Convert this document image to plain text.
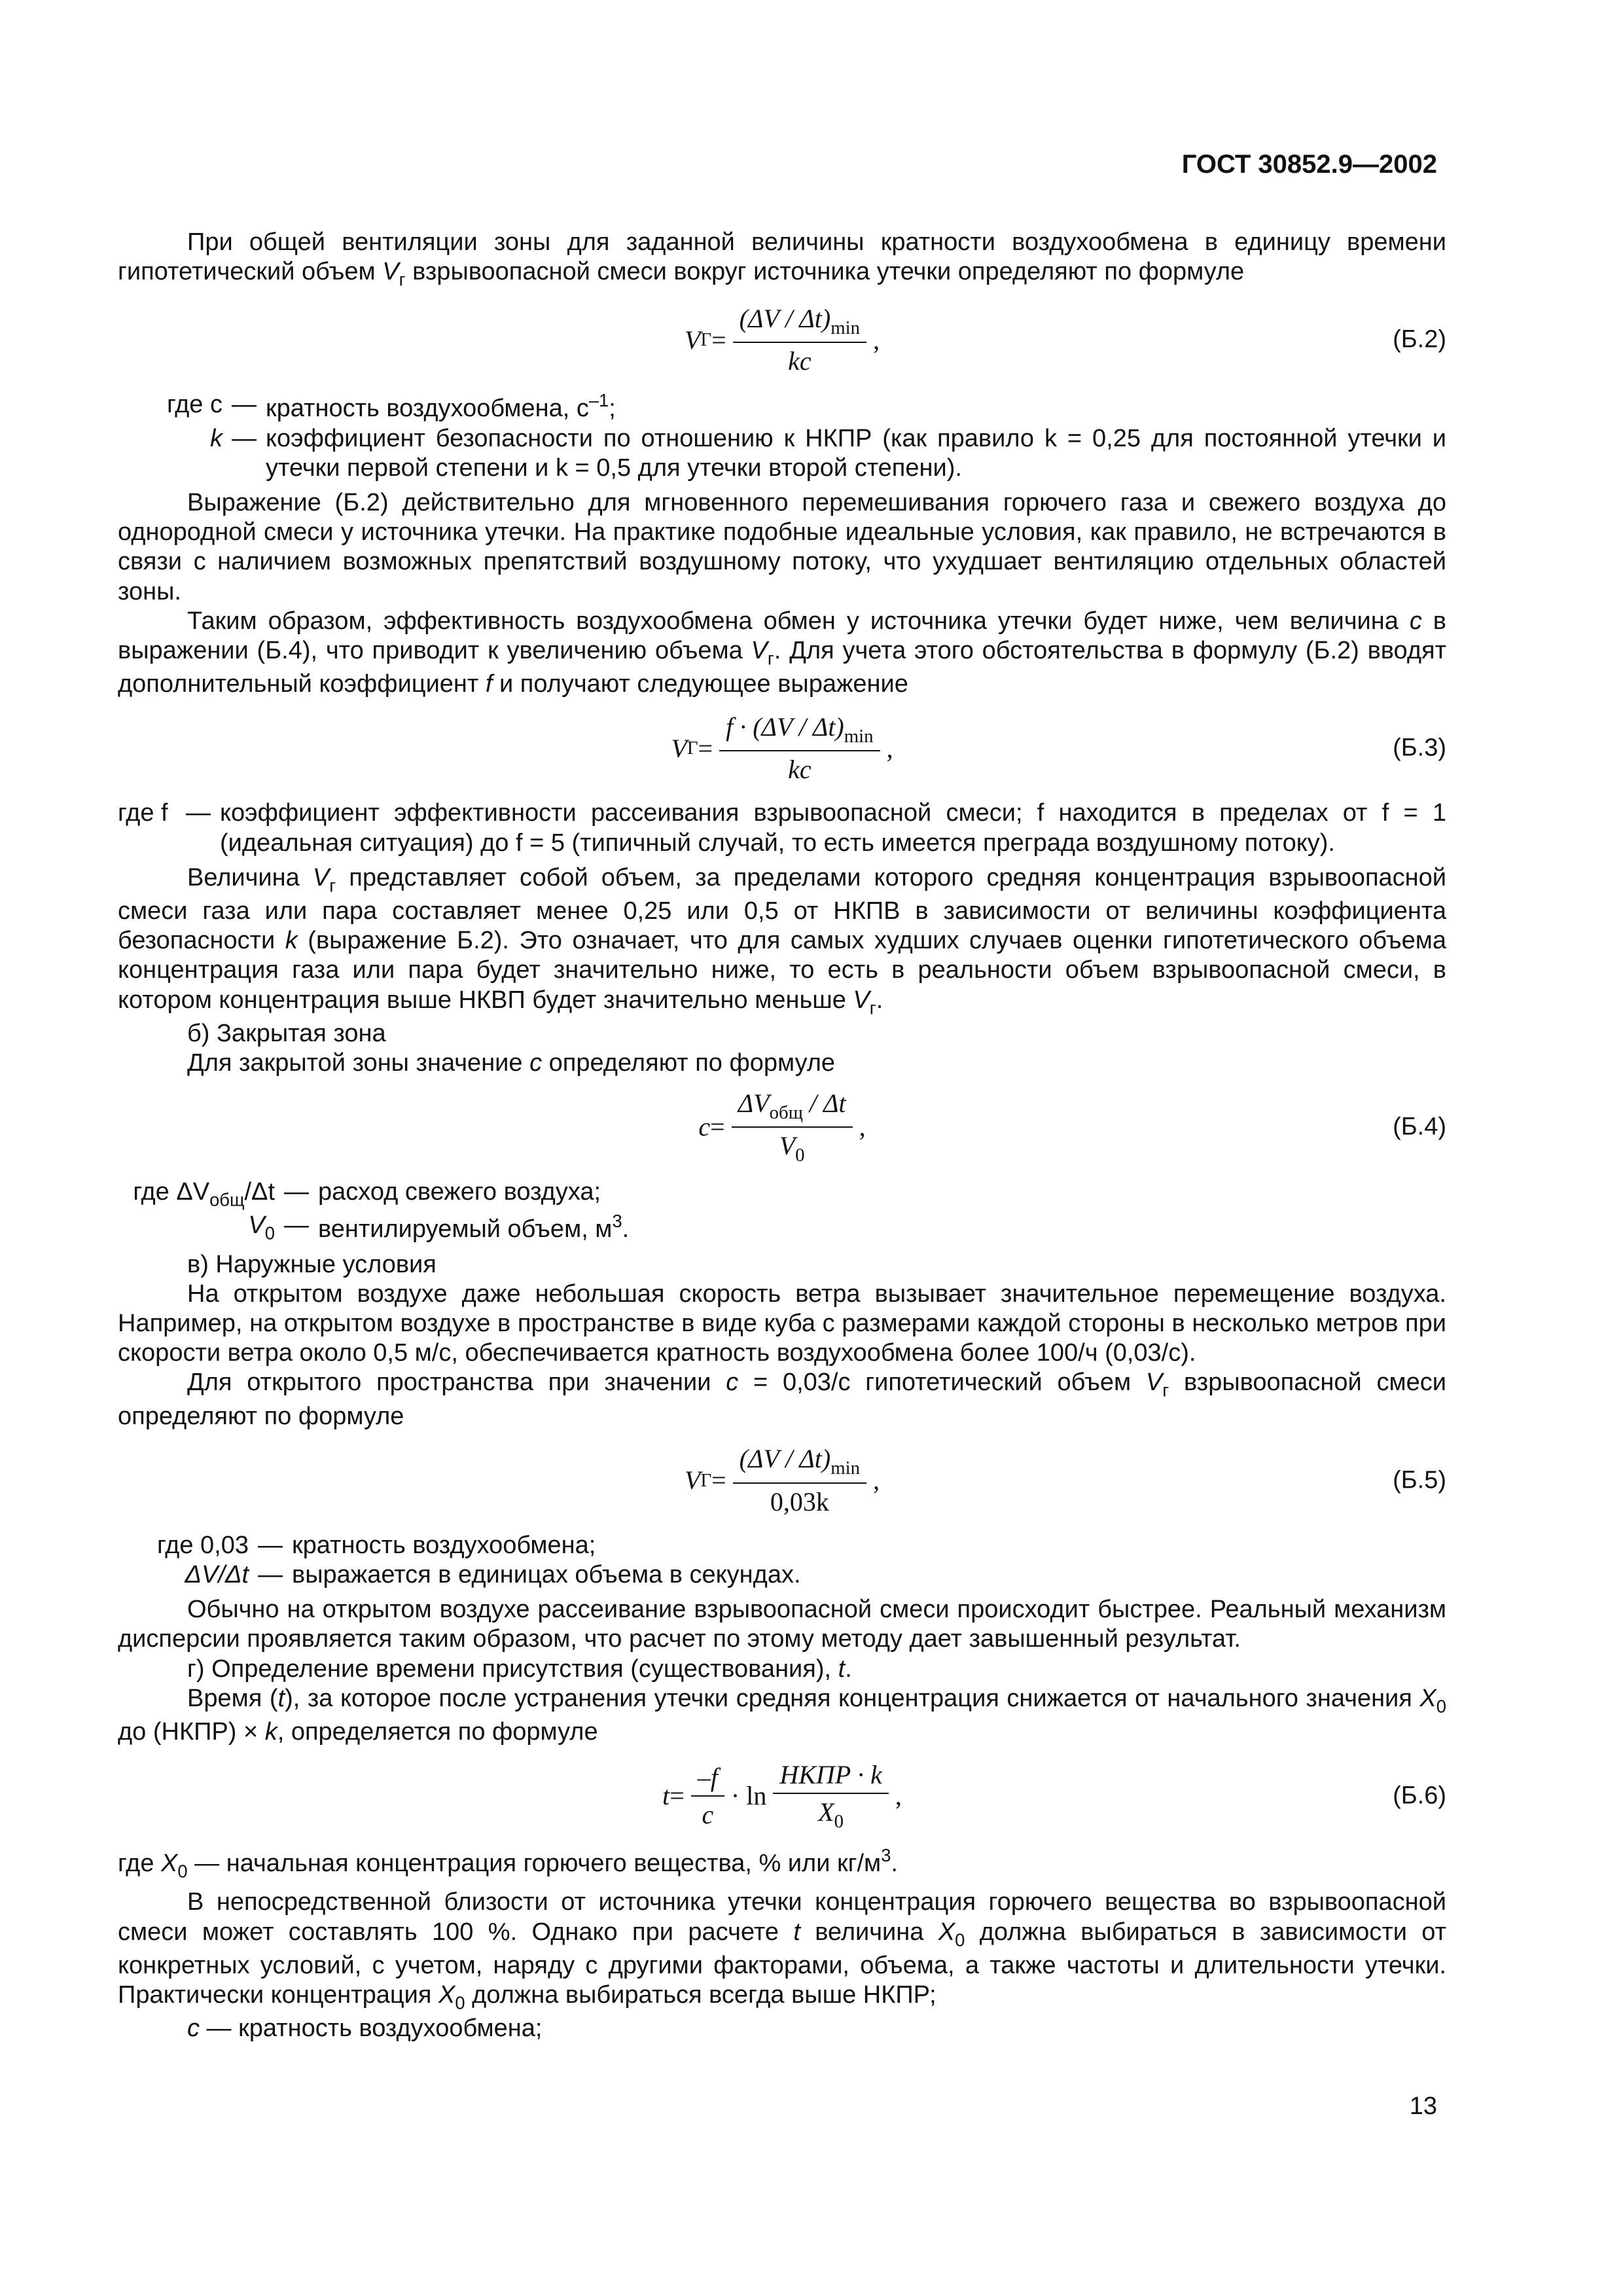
ГОСТ 30852.9—2002

При общей вентиляции зоны для заданной величины кратности воздухообмена в единицу времени гипотетический объем $V_г$ взрывоопасной смеси вокруг источника утечки определяют по формуле

V $Г = \frac{(\Delta V / \Delta t)_{min}}{kc}$ ,	(Б.2)
где c — кратность воздухообмена, $с^{-1}$;
k — коэффициент безопасности по отношению к НКПР (как правило k = 0,25 для постоянной утечки и утечки первой степени и k = 0,5 для утечки второй степени).

Выражение (Б.2) действительно для мгновенного перемешивания горючего газа и свежего воздуха до однородной смеси у источника утечки. На практике подобные идеальные условия, как правило, не встречаются в связи с наличием возможных препятствий воздушному потоку, что ухудшает вентиляцию отдельных областей зоны.

Таким образом, эффективность воздухообмена обмен у источника утечки будет ниже, чем величина c в выражении (Б.4), что приводит к увеличению объема $V_г$. Для учета этого обстоятельства в формулу (Б.2) вводят дополнительный коэффициент f и получают следующее выражение

V $Г = \frac{f \cdot (\Delta V / \Delta t)_{min}}{kc}$ ,	(Б.3)
где f — коэффициент эффективности рассеивания взрывоопасной смеси; f находится в пределах от f = 1 (идеальная ситуация) до f = 5 (типичный случай, то есть имеется преграда воздушному потоку).

Величина $V_г$ представляет собой объем, за пределами которого средняя концентрация взрывоопасной смеси газа или пара составляет менее 0,25 или 0,5 от НКПВ в зависимости от величины коэффициента безопасности k (выражение Б.2). Это означает, что для самых худших случаев оценки гипотетического объема концентрация газа или пара будет значительно ниже, то есть в реальности объем взрывоопасной смеси, в котором концентрация выше НКВП будет значительно меньше $V_г$.

б) Закрытая зона

Для закрытой зоны значение c определяют по формуле

$c = \frac{\Delta V_{общ} / \Delta t}{V_0}$ ,	(Б.4)
где $\Delta V_{общ}/\Delta t$ — расход свежего воздуха;
$V_0$ — вентилируемый объем, $м^3$.

в) Наружные условия

На открытом воздухе даже небольшая скорость ветра вызывает значительное перемещение воздуха. Например, на открытом воздухе в пространстве в виде куба с размерами каждой стороны в несколько метров при скорости ветра около 0,5 м/с, обеспечивается кратность воздухообмена более 100/ч (0,03/с).

Для открытого пространства при значении c = 0,03/с гипотетический объем $V_г$ взрывоопасной смеси определяют по формуле

V $Г = \frac{(\Delta V / \Delta t)_{min}}{0,03k}$ ,	(Б.5)
где 0,03 — кратность воздухообмена;
ΔV/Δt — выражается в единицах объема в секундах.

Обычно на открытом воздухе рассеивание взрывоопасной смеси происходит быстрее. Реальный механизм дисперсии проявляется таким образом, что расчет по этому методу дает завышенный результат.

г) Определение времени присутствия (существования), t.

Время (t), за которое после устранения утечки средняя концентрация снижается от начального значения $X_0$ до (НКПР) × k, определяется по формуле

$t = \frac{-f}{c}$ ·
$\ln \frac{\text{НКПР · k}}{X_0}$ ,	(Б.6)

где $X_0$ — начальная концентрация горючего вещества, % или $кг/м^3$.

В непосредственной близости от источника утечки концентрация горючего вещества во взрывоопасной смеси может составлять 100 %. Однако при расчете t величина $X_0$ должна выбираться в зависимости от конкретных условий, с учетом, наряду с другими факторами, объема, а также частоты и длительности утечки. Практически концентрация $X_0$ должна выбираться всегда выше НКПР;

c — кратность воздухообмена;

13
